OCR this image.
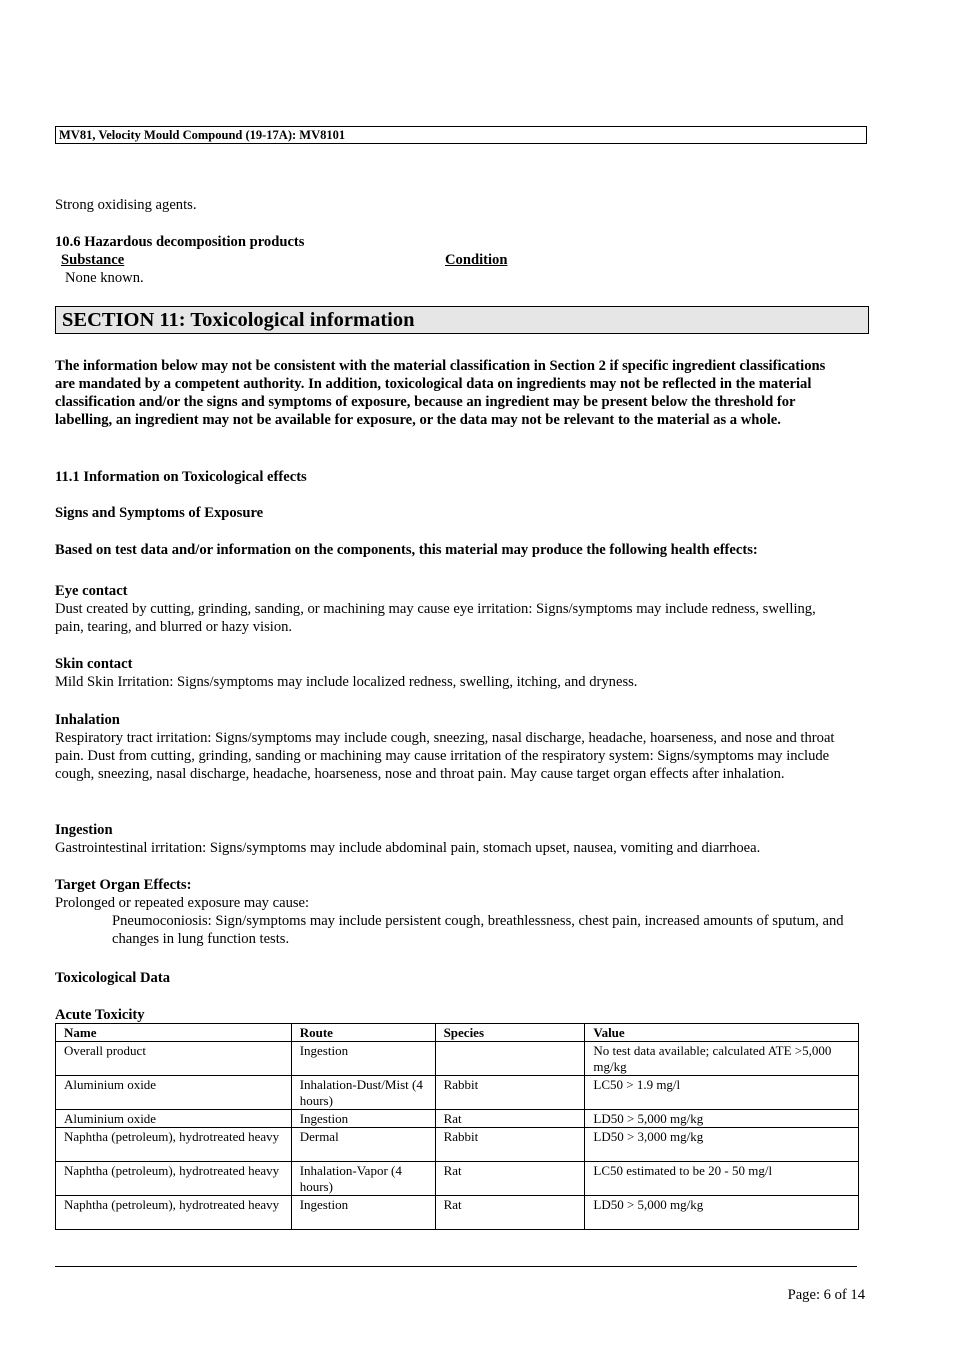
MV81, Velocity Mould Compound (19-17A): MV8101

Strong oxidising agents.

10.6 Hazardous decomposition products

Substance	Condition

None known.

SECTION 11: Toxicological information

The information below may not be consistent with the material classification in Section 2 if specific ingredient classifications are mandated by a competent authority. In addition, toxicological data on ingredients may not be reflected in the material classification and/or the signs and symptoms of exposure, because an ingredient may be present below the threshold for labelling, an ingredient may not be available for exposure, or the data may not be relevant to the material as a whole.

11.1 Information on Toxicological effects

Signs and Symptoms of Exposure

Based on test data and/or information on the components, this material may produce the following health effects:

Eye contact

Dust created by cutting, grinding, sanding, or machining may cause eye irritation: Signs/symptoms may include redness, swelling, pain, tearing, and blurred or hazy vision.

Skin contact

Mild Skin Irritation: Signs/symptoms may include localized redness, swelling, itching, and dryness.

Inhalation

Respiratory tract irritation: Signs/symptoms may include cough, sneezing, nasal discharge, headache, hoarseness, and nose and throat pain. Dust from cutting, grinding, sanding or machining may cause irritation of the respiratory system: Signs/symptoms may include cough, sneezing, nasal discharge, headache, hoarseness, nose and throat pain. May cause target organ effects after inhalation.

Ingestion

Gastrointestinal irritation: Signs/symptoms may include abdominal pain, stomach upset, nausea, vomiting and diarrhoea.

Target Organ Effects:

Prolonged or repeated exposure may cause:

Pneumoconiosis: Sign/symptoms may include persistent cough, breathlessness, chest pain, increased amounts of sputum, and changes in lung function tests.

Toxicological Data

Acute Toxicity

Name	Route	Species	Value
Overall product	Ingestion		No test data available; calculated ATE >5,000 mg/kg
Aluminium oxide	Inhalation-Dust/Mist (4 hours)	Rabbit	LC50 > 1.9 mg/l
Aluminium oxide	Ingestion	Rat	LD50 > 5,000 mg/kg
Naphtha (petroleum), hydrotreated heavy	Dermal	Rabbit	LD50 > 3,000 mg/kg
Naphtha (petroleum), hydrotreated heavy	Inhalation-Vapor (4 hours)	Rat	LC50 estimated to be 20 - 50 mg/l
Naphtha (petroleum), hydrotreated heavy	Ingestion	Rat	LD50 > 5,000 mg/kg

Page: 6 of 14
